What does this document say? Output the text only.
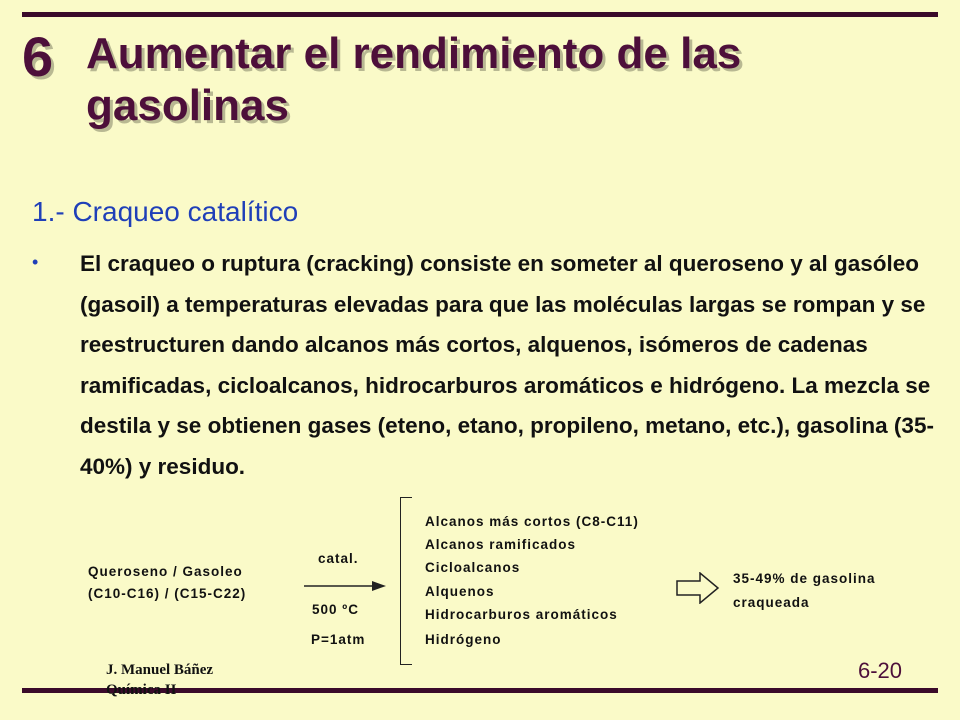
6 Aumentar el rendimiento de las gasolinas
1.- Craqueo catalítico
• El craqueo o ruptura (cracking) consiste en someter al queroseno y al gasóleo (gasoil) a temperaturas elevadas para que las moléculas largas se rompan y se reestructuren dando alcanos más cortos, alquenos, isómeros de cadenas ramificadas, cicloalcanos, hidrocarburos aromáticos e hidrógeno. La mezcla se destila y se obtienen gases (eteno, etano, propileno, metano, etc.), gasolina (35-40%) y residuo.
Queroseno / Gasoleo
(C10-C16) / (C15-C22)
catal.
500 ºC
P=1atm
Alcanos más cortos (C8-C11)
Alcanos ramificados
Cicloalcanos
Alquenos
Hidrocarburos aromáticos
Hidrógeno
35-49% de gasolina
craqueada
J. Manuel Báñez
Química II
6-20
